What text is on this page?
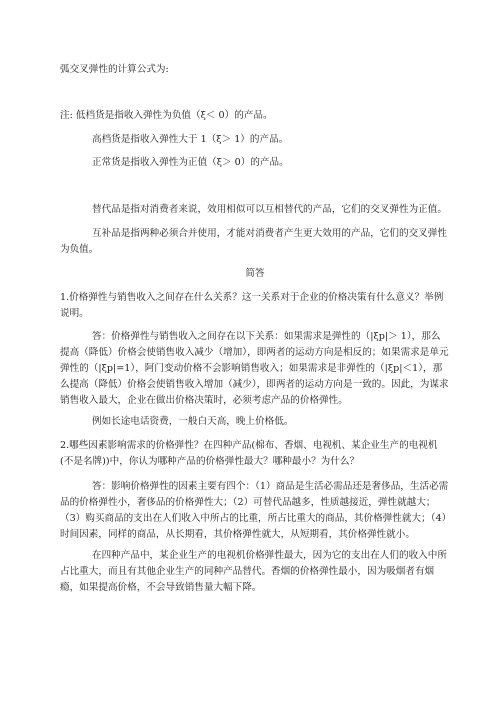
弧交叉弹性的计算公式为:

注: 低档货是指收入弹性为负值（ξ＜ 0）的产品。

高档货是指收入弹性大于 1（ξ＞ 1）的产品。

正常货是指收入弹性为正值（ξ＞ 0）的产品。

替代品是指对消费者来说，效用相似可以互相替代的产品，它们的交叉弹性为正值。

互补品是指两种必须合并使用，才能对消费者产生更大效用的产品，它们的交叉弹性为负值。

简答

1.价格弹性与销售收入之间存在什么关系？这一关系对于企业的价格决策有什么意义？举例说明。

答：价格弹性与销售收入之间存在以下关系：如果需求是弹性的（|ξp|＞ 1），那么提高（降低）价格会使销售收入减少（增加），即两者的运动方向是相反的；如果需求是单元弹性的（|ξp|=1），阿门变动价格不会影响销售收入；如果需求是非弹性的（|ξp|＜1），那么提高（降低）价格会使销售收入增加（减少），即两者的运动方向是一致的。因此，为谋求销售收入最大，企业在做出价格决策时，必须考虑产品的价格弹性。

例如长途电话资费，一般白天高，晚上价格低。

2.哪些因素影响需求的价格弹性？在四种产品(棉布、香烟、电视机、某企业生产的电视机(不是名牌))中，你认为哪种产品的价格弹性最大？哪种最小？为什么？

答：影响价格弹性的因素主要有四个：（1）商品是生活必需品还是奢侈品，生活必需品的价格弹性小，奢侈品的价格弹性大；（2）可替代品越多，性质越接近，弹性就越大；（3）购买商品的支出在人们收入中所占的比重，所占比重大的商品，其价格弹性就大；（4）时间因素，同样的商品，从长期看，其价格弹性就大，从短期看，其价格弹性就小。

在四种产品中，某企业生产的电视机价格弹性最大，因为它的支出在人们的收入中所占比重大，而且有其他企业生产的同种产品替代。香烟的价格弹性最小，因为吸烟者有烟瘾，如果提高价格，不会导致销售量大幅下降。
